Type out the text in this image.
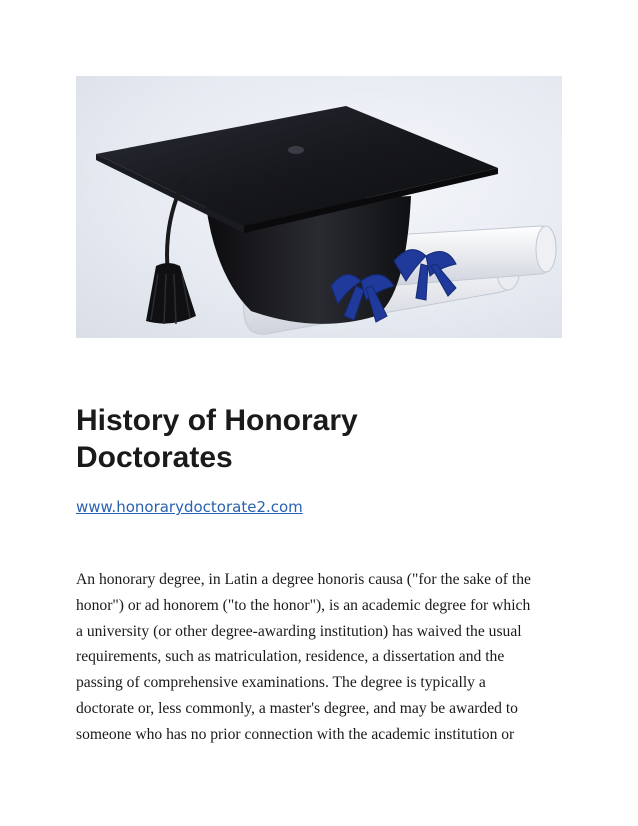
History of Honorary
Doctorates
www.honorarydoctorate2.com

An honorary degree, in Latin a degree honoris causa ("for the sake of the
honor") or ad honorem ("to the honor"), is an academic degree for which
a university (or other degree-awarding institution) has waived the usual
requirements, such as matriculation, residence, a dissertation and the
passing of comprehensive examinations. The degree is typically a
doctorate or, less commonly, a master's degree, and may be awarded to
someone who has no prior connection with the academic institution or
